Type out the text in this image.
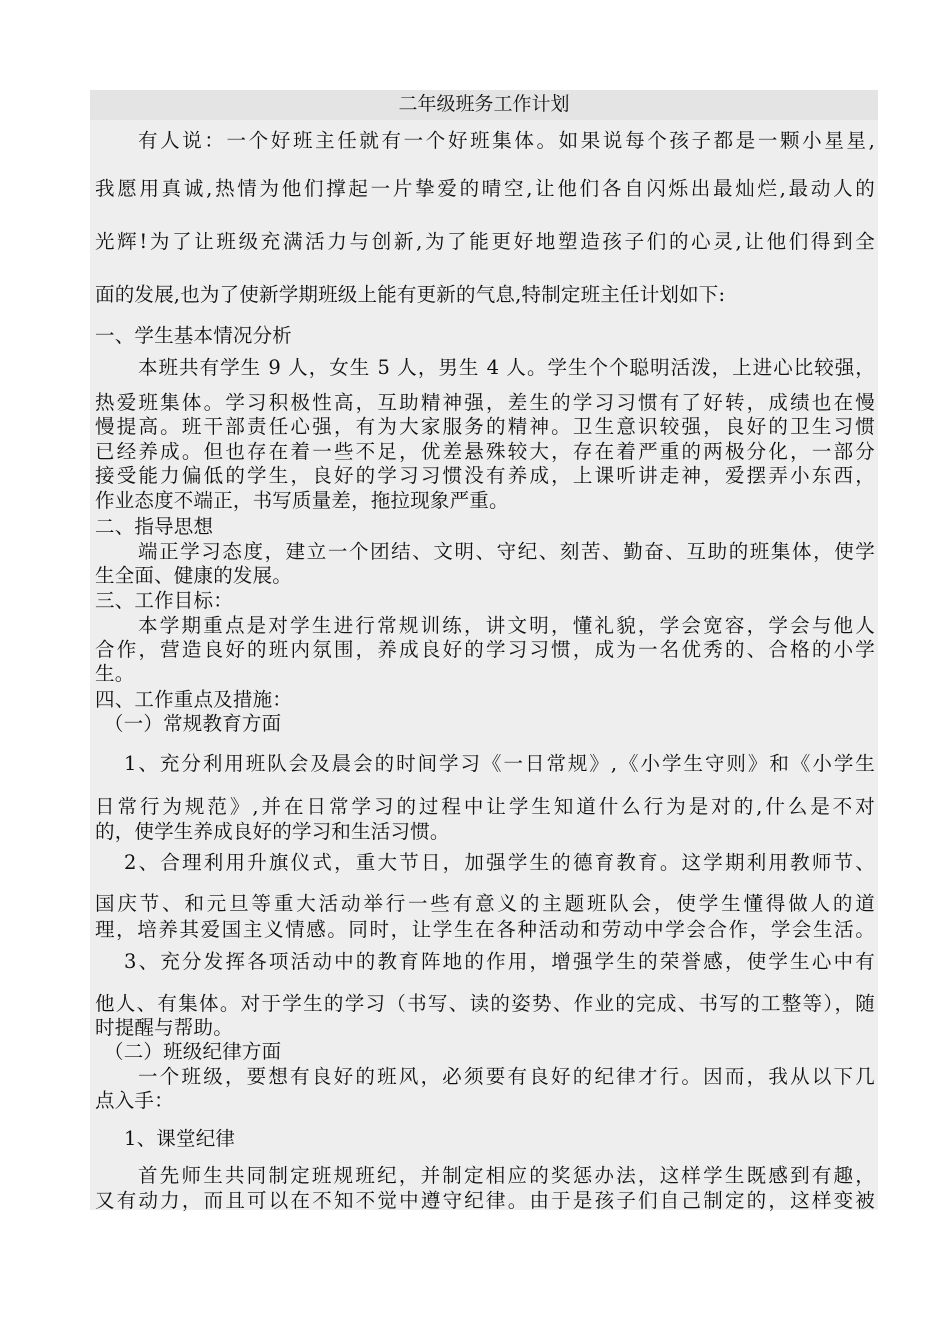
二年级班务工作计划
有人说：一个好班主任就有一个好班集体。如果说每个孩子都是一颗小星星,
我愿用真诚,热情为他们撑起一片挚爱的晴空,让他们各自闪烁出最灿烂,最动人的
光辉!为了让班级充满活力与创新,为了能更好地塑造孩子们的心灵,让他们得到全
面的发展,也为了使新学期班级上能有更新的气息,特制定班主任计划如下:
一、学生基本情况分析
本班共有学生 9 人，女生 5 人，男生 4 人。学生个个聪明活泼，上进心比较强，
热爱班集体。学习积极性高，互助精神强，差生的学习习惯有了好转，成绩也在慢
慢提高。班干部责任心强，有为大家服务的精神。卫生意识较强，良好的卫生习惯
已经养成。但也存在着一些不足，优差悬殊较大，存在着严重的两极分化，一部分
接受能力偏低的学生，良好的学习习惯没有养成，上课听讲走神，爱摆弄小东西，
作业态度不端正，书写质量差，拖拉现象严重。
二、指导思想
端正学习态度，建立一个团结、文明、守纪、刻苦、勤奋、互助的班集体，使学
生全面、健康的发展。
三、工作目标：
本学期重点是对学生进行常规训练，讲文明，懂礼貌，学会宽容，学会与他人
合作，营造良好的班内氛围，养成良好的学习习惯，成为一名优秀的、合格的小学
生。
四、工作重点及措施：
（一）常规教育方面
1、充分利用班队会及晨会的时间学习《一日常规》,《小学生守则》和《小学生
日常行为规范》,并在日常学习的过程中让学生知道什么行为是对的,什么是不对
的，使学生养成良好的学习和生活习惯。
2、合理利用升旗仪式，重大节日，加强学生的德育教育。这学期利用教师节、
国庆节、和元旦等重大活动举行一些有意义的主题班队会，使学生懂得做人的道
理，培养其爱国主义情感。同时，让学生在各种活动和劳动中学会合作，学会生活。
3、充分发挥各项活动中的教育阵地的作用，增强学生的荣誉感，使学生心中有
他人、有集体。对于学生的学习（书写、读的姿势、作业的完成、书写的工整等），随
时提醒与帮助。
（二）班级纪律方面
一个班级，要想有良好的班风，必须要有良好的纪律才行。因而，我从以下几
点入手：
1、课堂纪律
首先师生共同制定班规班纪，并制定相应的奖惩办法，这样学生既感到有趣，
又有动力，而且可以在不知不觉中遵守纪律。由于是孩子们自己制定的，这样变被
